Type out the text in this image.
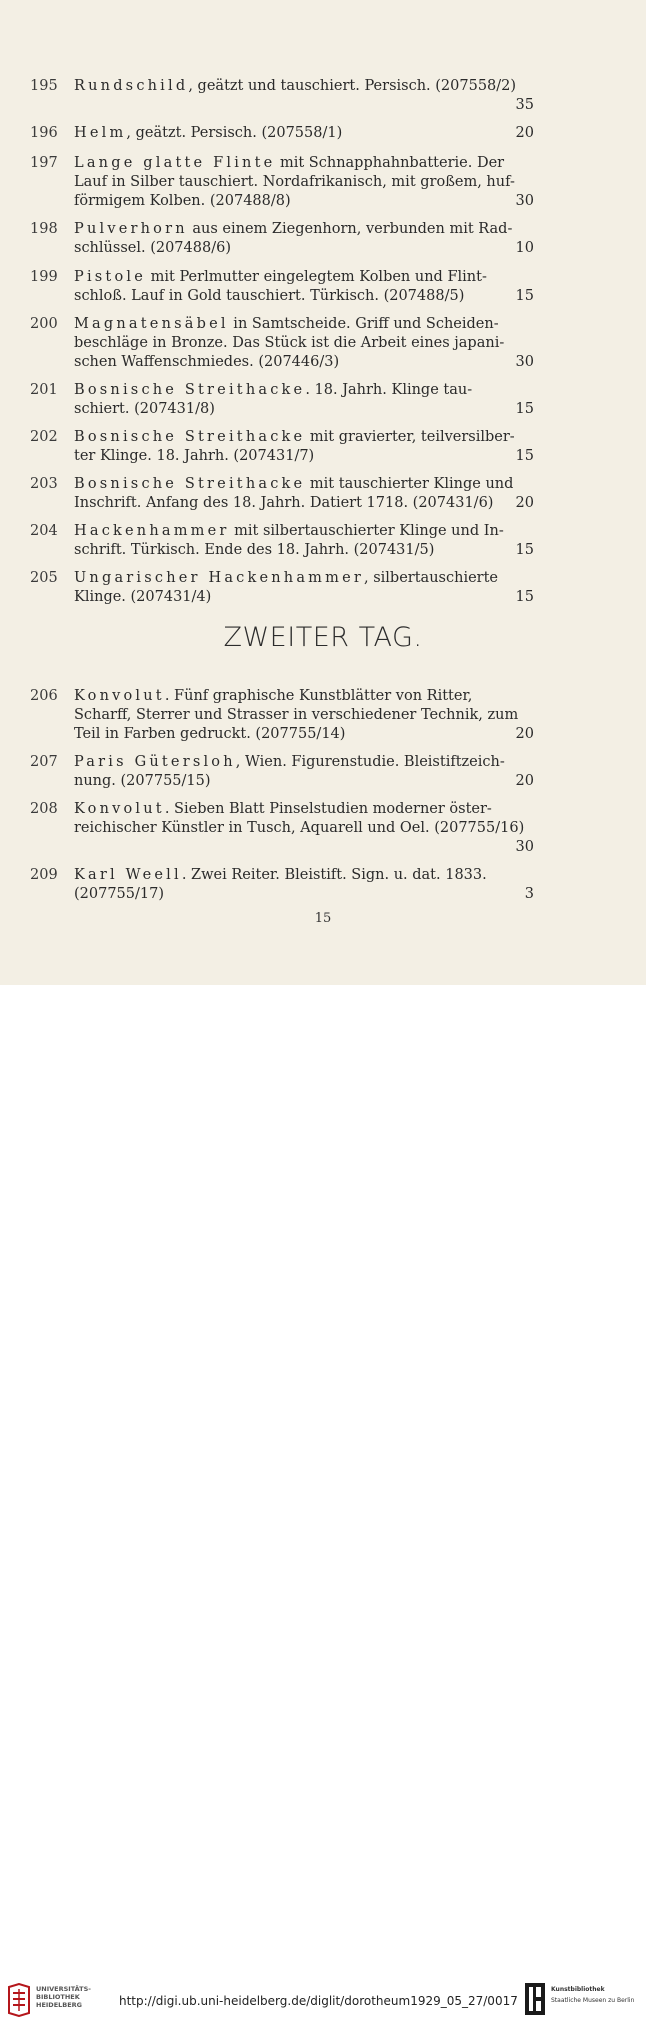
195 Rundschild, geätzt und tauschiert. Persisch. (207558/2)
35
196 Helm, geätzt. Persisch. (207558/1)	20
197 Lange glatte Flinte mit Schnapphahnbatterie. Der
Lauf in Silber tauschiert. Nordafrikanisch, mit großem, huf-
förmigem Kolben. (207488/8)	30
198 Pulverhorn aus einem Ziegenhorn, verbunden mit Rad-
schlüssel. (207488/6)	10
199 Pistole mit Perlmutter eingelegtem Kolben und Flint-
schloß. Lauf in Gold tauschiert. Türkisch. (207488/5)	15
200 Magnatensäbel in Samtscheide. Griff und Scheiden-
beschläge in Bronze. Das Stück ist die Arbeit eines japani-
schen Waffenschmiedes. (207446/3)	30
201 Bosnische Streithacke. 18. Jahrh. Klinge tau-
schiert. (207431/8)	15
202 Bosnische Streithacke mit gravierter, teilversilber-
ter Klinge. 18. Jahrh. (207431/7)	15
203 Bosnische Streithacke mit tauschierter Klinge und
Inschrift. Anfang des 18. Jahrh. Datiert 1718. (207431/6)	20
204 Hackenhammer mit silbertauschierter Klinge und In-
schrift. Türkisch. Ende des 18. Jahrh. (207431/5)	15
205 Ungarischer Hackenhammer, silbertauschierte
Klinge. (207431/4)	15
ZWEITER TAG.
206 Konvolut. Fünf graphische Kunstblätter von Ritter,
Scharff, Sterrer und Strasser in verschiedener Technik, zum
Teil in Farben gedruckt. (207755/14)	20
207 Paris Gütersloh, Wien. Figurenstudie. Bleistiftzeich-
nung. (207755/15)	20
208 Konvolut. Sieben Blatt Pinselstudien moderner öster-
reichischer Künstler in Tusch, Aquarell und Oel. (207755/16)
30
209 Karl Weell. Zwei Reiter. Bleistift. Sign. u. dat. 1833.
(207755/17)	3
15
UNIVERSITÄTS-
BIBLIOTHEK
HEIDELBERG	http://digi.ub.uni-heidelberg.de/diglit/dorotheum1929_05_27/0017
Kunstbibliothek
Staatliche Museen zu Berlin
